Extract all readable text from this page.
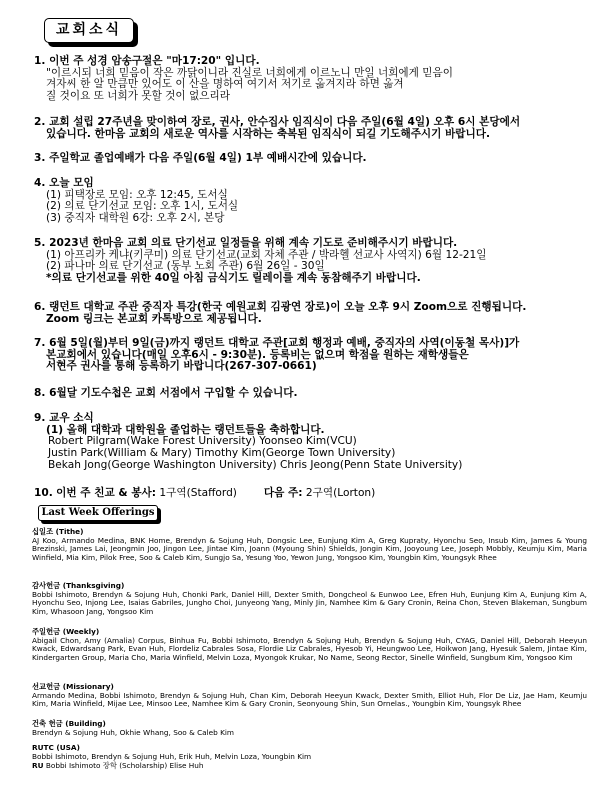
교회소식
1. 이번 주 성경 암송구절은 "마17:20" 입니다.
"이르시되 너희 믿음이 작은 까닭이니라 진실로 너희에게 이르노니 만일 너희에게 믿음이
겨자씨 한 알 만큼만 있어도 이 산을 명하여 여기서 저기로 옮겨지라 하면 옮겨
질 것이요 또 너희가 못할 것이 없으리라
2. 교회 설립 27주년을 맞이하여 장로, 권사, 안수집사 임직식이 다음 주일(6월 4일) 오후 6시 본당에서
있습니다. 한마음 교회의 새로운 역사를 시작하는 축복된 임직식이 되길 기도해주시기 바랍니다.
3. 주일학교 졸업예배가 다음 주일(6월 4일) 1부 예배시간에 있습니다.
4. 오늘 모임
(1) 피택장로 모임: 오후 12:45, 도서실
(2) 의료 단기선교 모임: 오후 1시, 도서실
(3) 중직자 대학원 6강: 오후 2시, 본당
5. 2023년 한마음 교회 의료 단기선교 일정들을 위해 계속 기도로 준비해주시기 바랍니다.
(1) 아프리카 케냐(키쿠미) 의료 단기선교(교회 자체 주관 / 박라헬 선교사 사역지) 6월 12-21일
(2) 파나마 의료 단기선교 (동부 노회 주관) 6월 26일 - 30일
*의료 단기선교를 위한 40일 아침 금식기도 릴레이를 계속 동참해주기 바랍니다.
6. 랭던트 대학교 주관 중직자 특강(한국 예원교회 김광연 장로)이 오늘 오후 9시 Zoom으로 진행됩니다.
Zoom 링크는 본교회 카톡방으로 제공됩니다.
7. 6월 5일(월)부터 9일(금)까지 랭던트 대학교 주관[교회 행정과 예배, 중직자의 사역(이동철 목사)]가
본교회에서 있습니다(매일 오후6시 - 9:30분). 등록비는 없으며 학점을 원하는 재학생들은
서현주 권사를 통해 등록하기 바랍니다(267-307-0661)
8. 6월달 기도수첩은 교회 서점에서 구입할 수 있습니다.
9. 교우 소식
(1) 올해 대학과 대학원을 졸업하는 랭던트들을 축하합니다.
Robert Pilgram(Wake Forest University) Yoonseo Kim(VCU)
Justin Park(William & Mary) Timothy Kim(George Town University)
Bekah Jong(George Washington University) Chris Jeong(Penn State University)
10. 이번 주 친교 & 봉사: 1구역(Stafford)	다음 주: 2구역(Lorton)
Last Week Offerings
십일조 (Tithe)
AJ Koo, Armando Medina, BNK Home, Brendyn & Sojung Huh, Dongsic Lee, Eunjung Kim A, Greg Kupraty, Hyonchu Seo, Insub Kim, James & Young Brezinski, James Lai, Jeongmin Joo, Jingon Lee, Jintae Kim, Joann (Myoung Shin) Shields, Jongin Kim, Jooyoung Lee, Joseph Mobbly, Keumju Kim, Maria Winfield, Mia Kim, Pilok Free, Soo & Caleb Kim, Sungjo Sa, Yesung Yoo, Yewon Jung, Yongsoo Kim, Youngbin Kim, Youngsyk Rhee
감사헌금 (Thanksgiving)
Bobbi Ishimoto, Brendyn & Sojung Huh, Chonki Park, Daniel Hill, Dexter Smith, Dongcheol & Eunwoo Lee, Efren Huh, Eunjung Kim A, Eunjung Kim A, Hyonchu Seo, Injong Lee, Isaias Gabriles, Jungho Choi, Junyeong Yang, Minly Jin, Namhee Kim & Gary Cronin, Reina Chon, Steven Blakeman, Sungbum Kim, Whasoon Jang, Yongsoo Kim
주일헌금 (Weekly)
Abigail Chon, Amy (Amalia) Corpus, Binhua Fu, Bobbi Ishimoto, Brendyn & Sojung Huh, Brendyn & Sojung Huh, CYAG, Daniel Hill, Deborah Heeyun Kwack, Edwardsang Park, Evan Huh, Flordeliz Cabrales Sosa, Flordie Liz Cabrales, Hyesob Yi, Heungwoo Lee, Hoikwon Jang, Hyesuk Salem, Jintae Kim, Kindergarten Group, Maria Cho, Maria Winfield, Melvin Loza, Myongok Krukar, No Name, Seong Rector, Sinelle Winfield, Sungbum Kim, Yongsoo Kim
선교헌금 (Missionary)
Armando Medina, Bobbi Ishimoto, Brendyn & Sojung Huh, Chan Kim, Deborah Heeyun Kwack, Dexter Smith, Elliot Huh, Flor De Liz, Jae Ham, Keumju Kim, Maria Winfield, Mijae Lee, Minsoo Lee, Namhee Kim & Gary Cronin, Seonyoung Shin, Sun Ornelas., Youngbin Kim, Youngsyk Rhee
건축 헌금 (Building)
Brendyn & Sojung Huh, Okhie Whang, Soo & Caleb Kim
RUTC (USA)
Bobbi Ishimoto, Brendyn & Sojung Huh, Erik Huh, Melvin Loza, Youngbin Kim
RU Bobbi Ishimoto 장학 (Scholarship) Elise Huh
